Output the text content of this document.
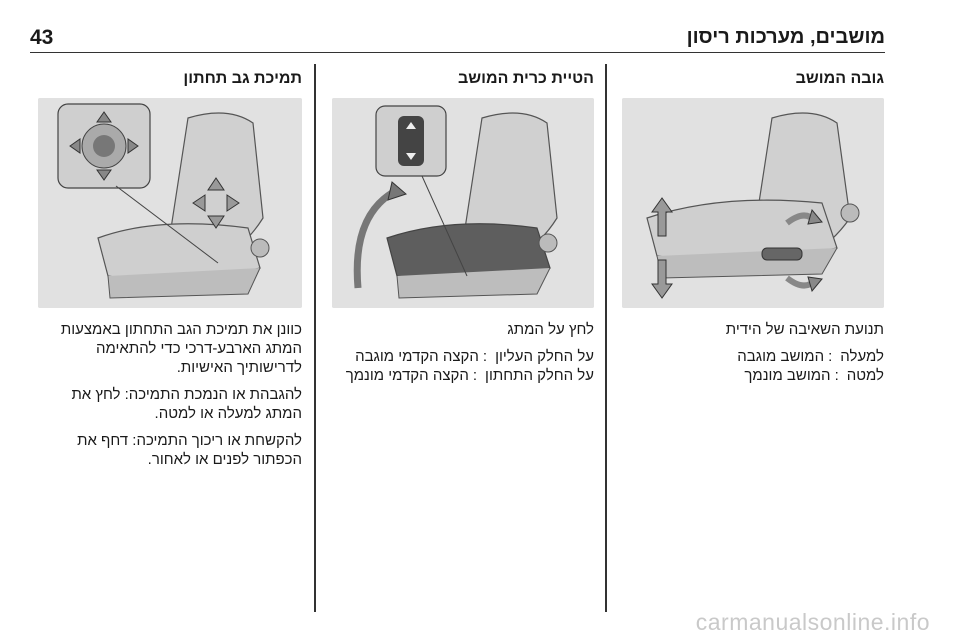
43	מושבים, מערכות ריסון
תמיכת גב תחתון

כוונן את תמיכת הגב התחתון באמצעות המתג הארבע-דרכי כדי להתאימה לדרישותיך האישיות.

להגבהת או הנמכת התמיכה: לחץ את המתג למעלה או למטה.

להקשחת או ריכוך התמיכה: דחף את הכפתור לפנים או לאחור.

הטיית כרית המושב

לחץ על המתג

על החלק העליון
:
הקצה הקדמי מוגבה
על החלק התחתון
:
הקצה הקדמי מונמך
גובה המושב

תנועת השאיבה של הידית

למעלה
:
המושב מוגבה
למטה
:
המושב מונמך
carmanualsonline.info
